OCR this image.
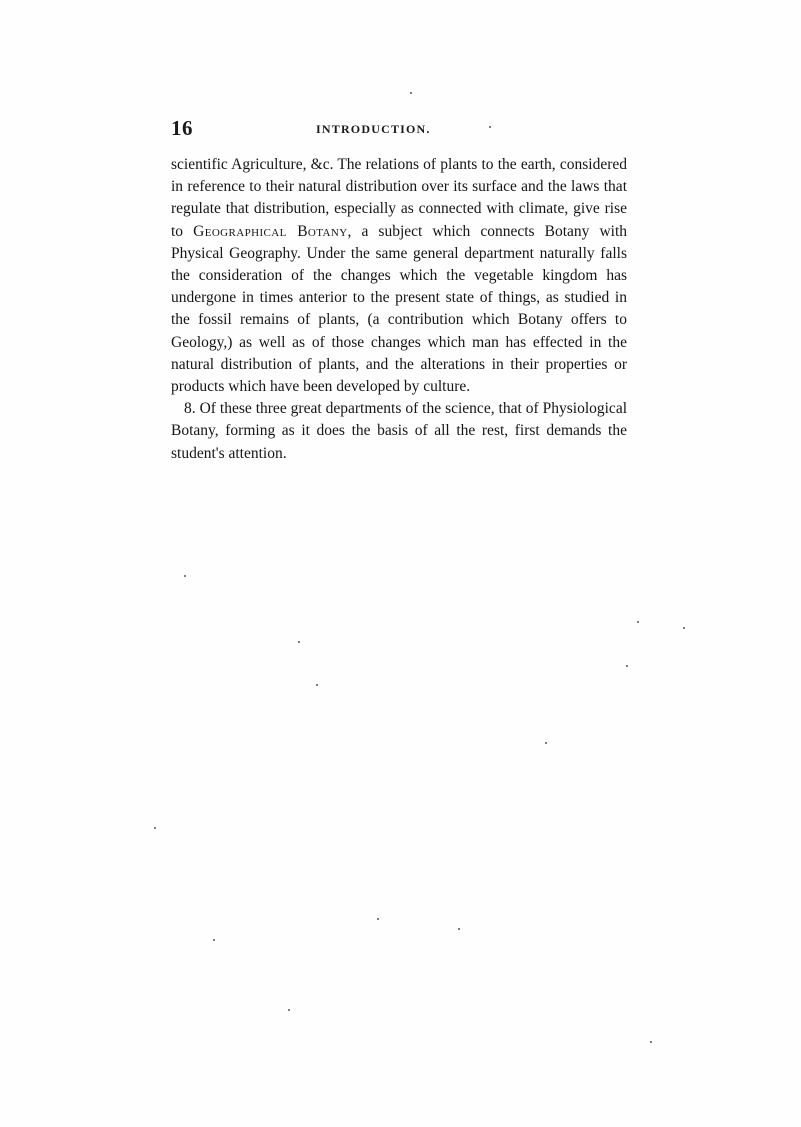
16	INTRODUCTION.

scientific Agriculture, &c. The relations of plants to the earth, considered in reference to their natural distribution over its surface and the laws that regulate that distribution, especially as connected with climate, give rise to Geographical Botany, a subject which connects Botany with Physical Geography. Under the same general department naturally falls the consideration of the changes which the vegetable kingdom has undergone in times anterior to the present state of things, as studied in the fossil remains of plants, (a contribution which Botany offers to Geology,) as well as of those changes which man has effected in the natural distribution of plants, and the alterations in their properties or products which have been developed by culture.

8. Of these three great departments of the science, that of Physiological Botany, forming as it does the basis of all the rest, first demands the student's attention.
